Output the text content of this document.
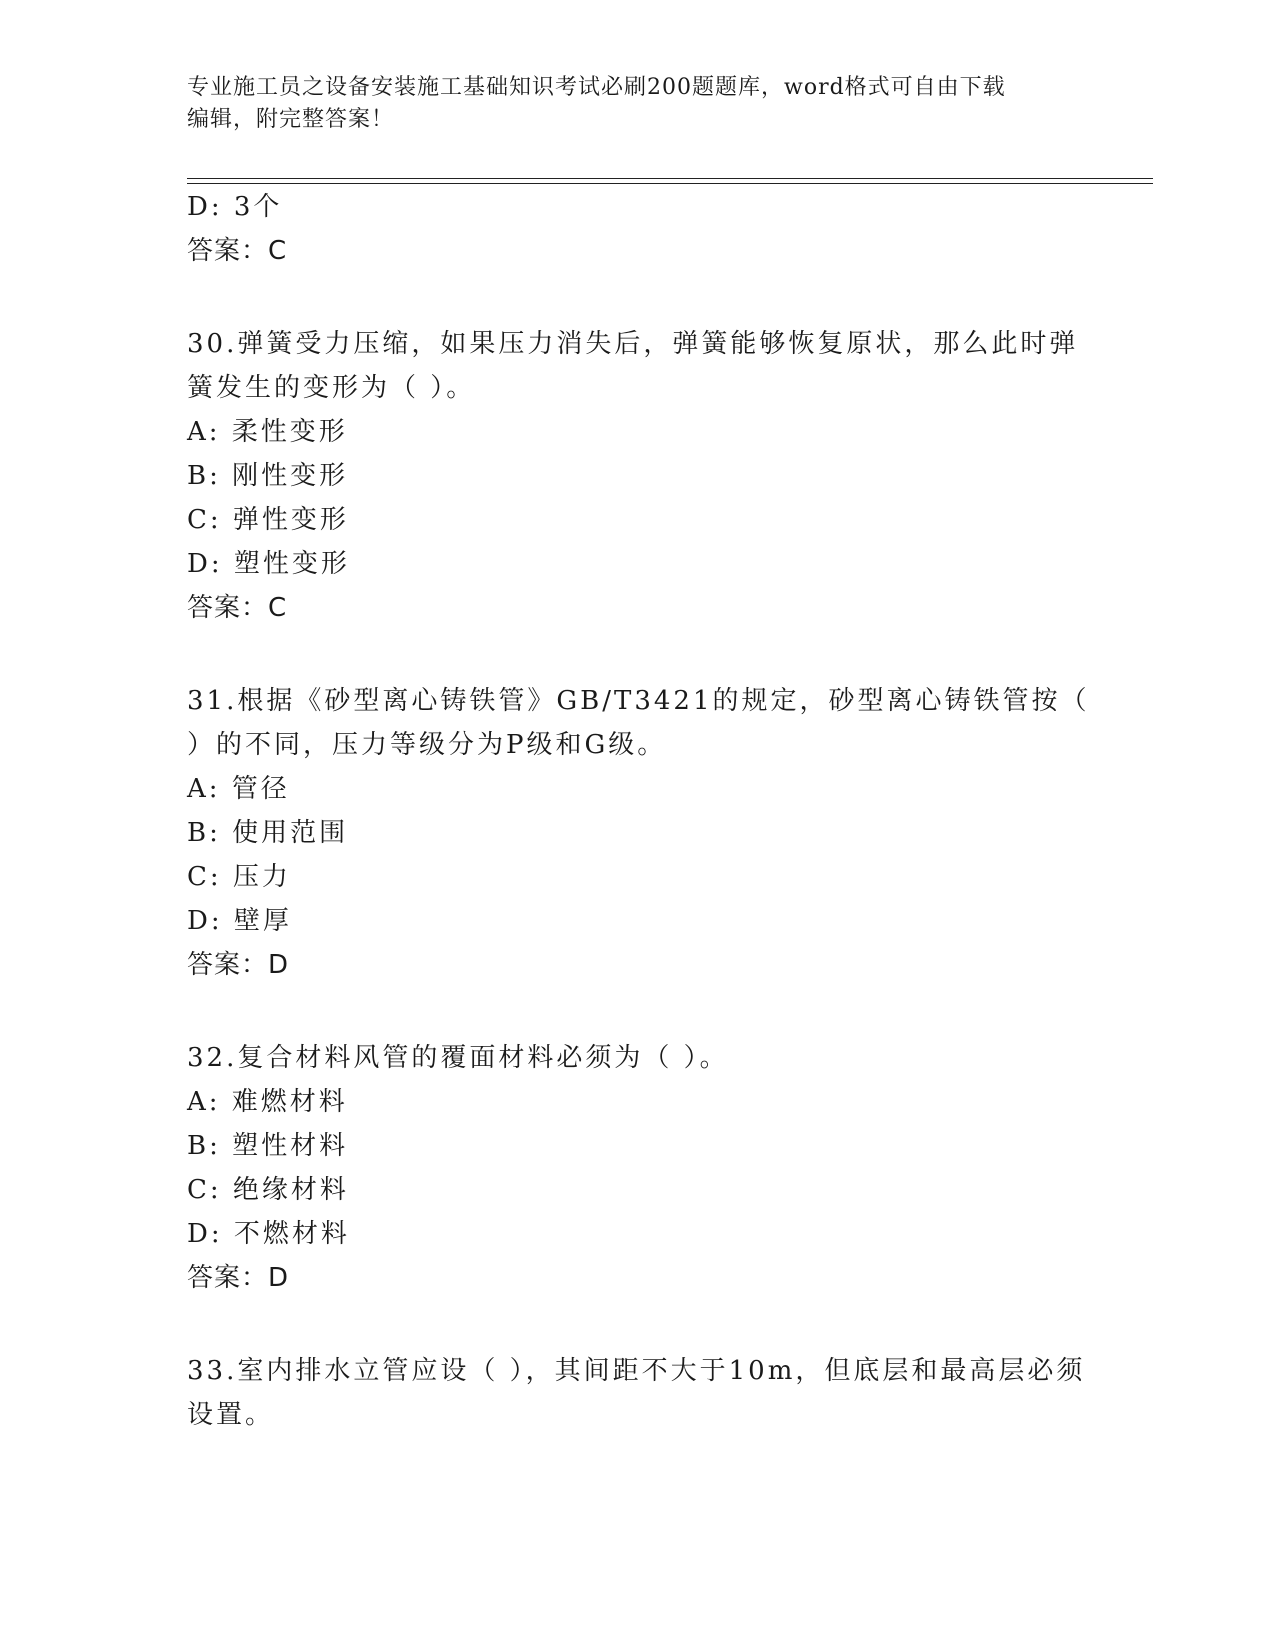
专业施工员之设备安装施工基础知识考试必刷200题题库，word格式可自由下载
编辑，附完整答案！
D: 3个
答案：C
30.弹簧受力压缩，如果压力消失后，弹簧能够恢复原状，那么此时弹
簧发生的变形为（ ）。
A: 柔性变形
B: 刚性变形
C: 弹性变形
D: 塑性变形
答案：C
31.根据《砂型离心铸铁管》GB/T3421的规定，砂型离心铸铁管按（
）的不同，压力等级分为P级和G级。
A: 管径
B: 使用范围
C: 压力
D: 壁厚
答案：D
32.复合材料风管的覆面材料必须为（ ）。
A: 难燃材料
B: 塑性材料
C: 绝缘材料
D: 不燃材料
答案：D
33.室内排水立管应设（ ），其间距不大于10m，但底层和最高层必须
设置。
